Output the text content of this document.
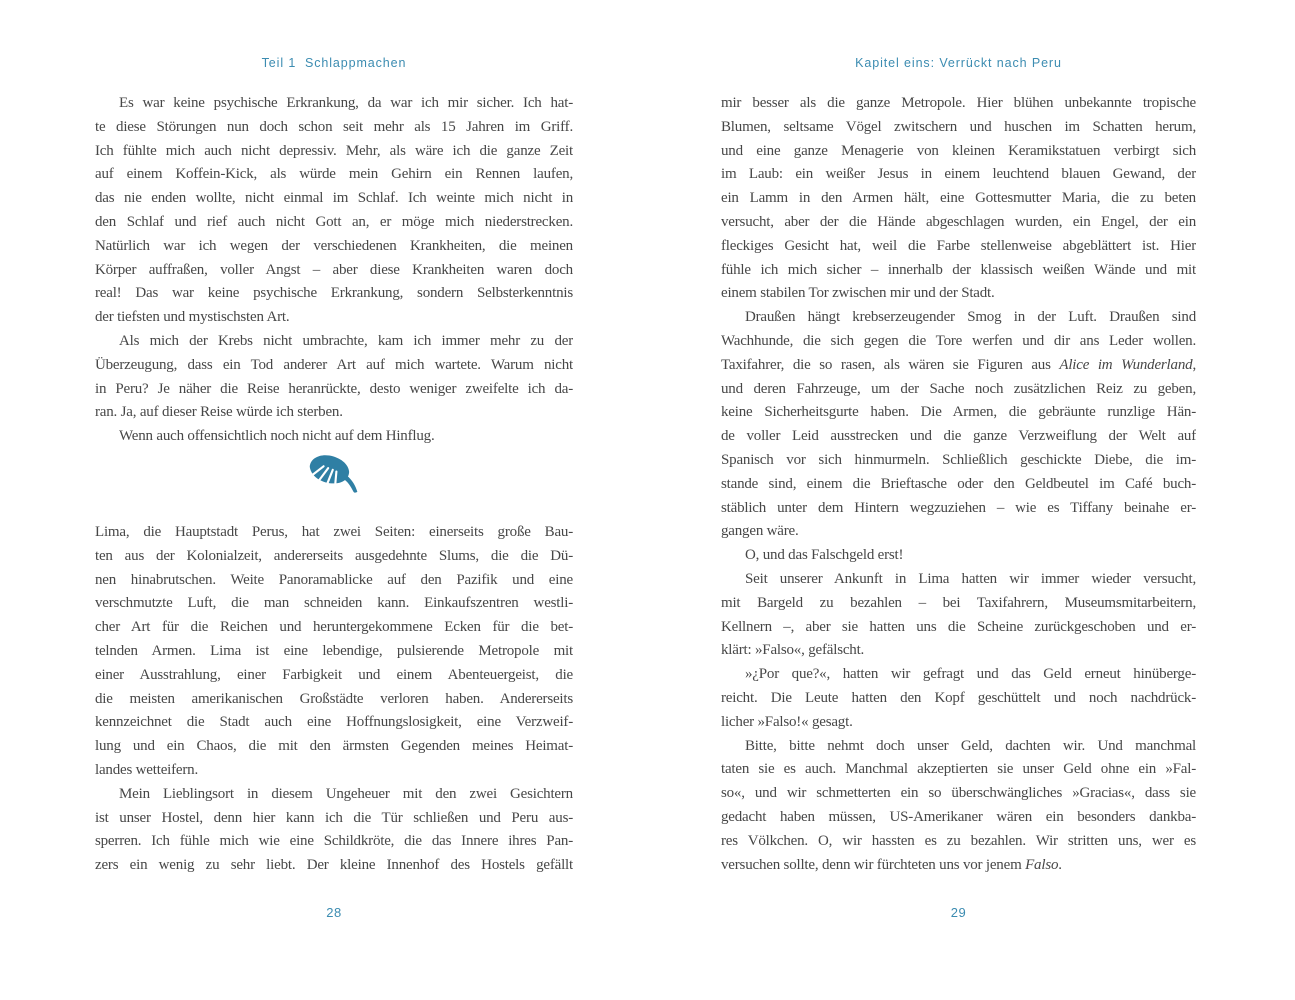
Teil 1  Schlappmachen
Es war keine psychische Erkrankung, da war ich mir sicher. Ich hat-
te diese Störungen nun doch schon seit mehr als 15 Jahren im Griff.
Ich fühlte mich auch nicht depressiv. Mehr, als wäre ich die ganze Zeit
auf einem Koffein-Kick, als würde mein Gehirn ein Rennen laufen,
das nie enden wollte, nicht einmal im Schlaf. Ich weinte mich nicht in
den Schlaf und rief auch nicht Gott an, er möge mich niederstrecken.
Natürlich war ich wegen der verschiedenen Krankheiten, die meinen
Körper auffraßen, voller Angst – aber diese Krankheiten waren doch
real! Das war keine psychische Erkrankung, sondern Selbsterkenntnis
der tiefsten und mystischsten Art.
Als mich der Krebs nicht umbrachte, kam ich immer mehr zu der
Überzeugung, dass ein Tod anderer Art auf mich wartete. Warum nicht
in Peru? Je näher die Reise heranrückte, desto weniger zweifelte ich da-
ran. Ja, auf dieser Reise würde ich sterben.
Wenn auch offensichtlich noch nicht auf dem Hinflug.
Lima, die Hauptstadt Perus, hat zwei Seiten: einerseits große Bau-
ten aus der Kolonialzeit, andererseits ausgedehnte Slums, die die Dü-
nen hinabrutschen. Weite Panoramablicke auf den Pazifik und eine
verschmutzte Luft, die man schneiden kann. Einkaufszentren westli-
cher Art für die Reichen und heruntergekommene Ecken für die bet-
telnden Armen. Lima ist eine lebendige, pulsierende Metropole mit
einer Ausstrahlung, einer Farbigkeit und einem Abenteuergeist, die
die meisten amerikanischen Großstädte verloren haben. Andererseits
kennzeichnet die Stadt auch eine Hoffnungslosigkeit, eine Verzweif-
lung und ein Chaos, die mit den ärmsten Gegenden meines Heimat-
landes wetteifern.
Mein Lieblingsort in diesem Ungeheuer mit den zwei Gesichtern
ist unser Hostel, denn hier kann ich die Tür schließen und Peru aus-
sperren. Ich fühle mich wie eine Schildkröte, die das Innere ihres Pan-
zers ein wenig zu sehr liebt. Der kleine Innenhof des Hostels gefällt
28
Kapitel eins: Verrückt nach Peru
mir besser als die ganze Metropole. Hier blühen unbekannte tropische
Blumen, seltsame Vögel zwitschern und huschen im Schatten herum,
und eine ganze Menagerie von kleinen Keramikstatuen verbirgt sich
im Laub: ein weißer Jesus in einem leuchtend blauen Gewand, der
ein Lamm in den Armen hält, eine Gottesmutter Maria, die zu beten
versucht, aber der die Hände abgeschlagen wurden, ein Engel, der ein
fleckiges Gesicht hat, weil die Farbe stellenweise abgeblättert ist. Hier
fühle ich mich sicher – innerhalb der klassisch weißen Wände und mit
einem stabilen Tor zwischen mir und der Stadt.
Draußen hängt krebserzeugender Smog in der Luft. Draußen sind
Wachhunde, die sich gegen die Tore werfen und dir ans Leder wollen.
Taxifahrer, die so rasen, als wären sie Figuren aus Alice im Wunderland,
und deren Fahrzeuge, um der Sache noch zusätzlichen Reiz zu geben,
keine Sicherheitsgurte haben. Die Armen, die gebräunte runzlige Hän-
de voller Leid ausstrecken und die ganze Verzweiflung der Welt auf
Spanisch vor sich hinmurmeln. Schließlich geschickte Diebe, die im-
stande sind, einem die Brieftasche oder den Geldbeutel im Café buch-
stäblich unter dem Hintern wegzuziehen – wie es Tiffany beinahe er-
gangen wäre.
O, und das Falschgeld erst!
Seit unserer Ankunft in Lima hatten wir immer wieder versucht,
mit Bargeld zu bezahlen – bei Taxifahrern, Museumsmitarbeitern,
Kellnern –, aber sie hatten uns die Scheine zurückgeschoben und er-
klärt: »Falso«, gefälscht.
»¿Por que?«, hatten wir gefragt und das Geld erneut hinüberge-
reicht. Die Leute hatten den Kopf geschüttelt und noch nachdrück-
licher »Falso!« gesagt.
Bitte, bitte nehmt doch unser Geld, dachten wir. Und manchmal
taten sie es auch. Manchmal akzeptierten sie unser Geld ohne ein »Fal-
so«, und wir schmetterten ein so überschwängliches »Gracias«, dass sie
gedacht haben müssen, US-Amerikaner wären ein besonders dankba-
res Völkchen. O, wir hassten es zu bezahlen. Wir stritten uns, wer es
versuchen sollte, denn wir fürchteten uns vor jenem Falso.
29
